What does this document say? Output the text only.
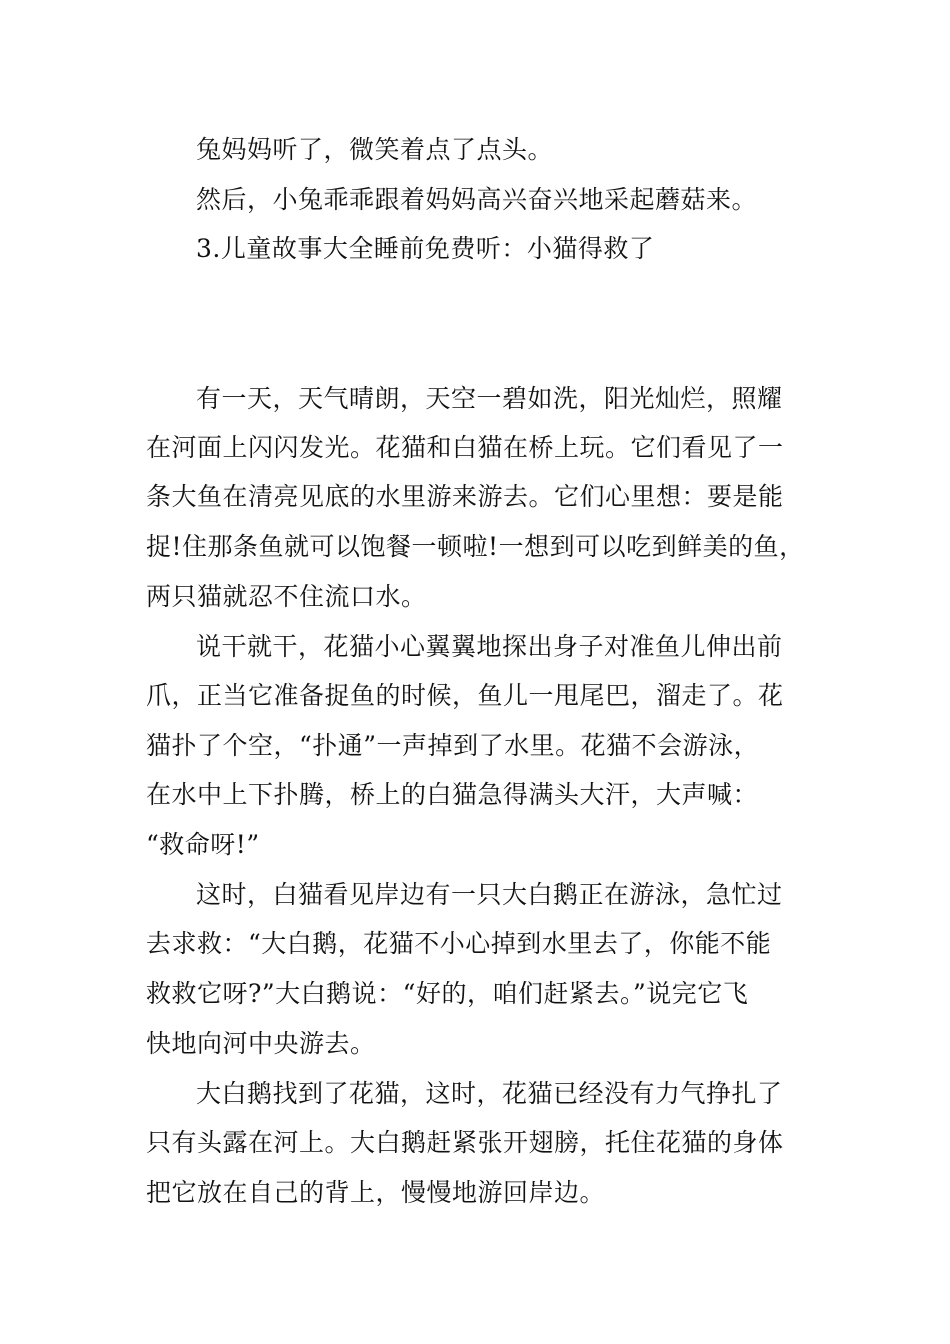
兔妈妈听了，微笑着点了点头。
然后，小兔乖乖跟着妈妈高兴奋兴地采起蘑菇来。
3.儿童故事大全睡前免费听：小猫得救了
有一天，天气晴朗，天空一碧如洗，阳光灿烂，照耀
在河面上闪闪发光。花猫和白猫在桥上玩。它们看见了一
条大鱼在清亮见底的水里游来游去。它们心里想：要是能
捉!住那条鱼就可以饱餐一顿啦!一想到可以吃到鲜美的鱼，
两只猫就忍不住流口水。
说干就干，花猫小心翼翼地探出身子对准鱼儿伸出前
爪，正当它准备捉鱼的时候，鱼儿一甩尾巴，溜走了。花
猫扑了个空，“扑通”一声掉到了水里。花猫不会游泳，
在水中上下扑腾，桥上的白猫急得满头大汗，大声喊：
“救命呀!”
这时，白猫看见岸边有一只大白鹅正在游泳，急忙过
去求救：“大白鹅，花猫不小心掉到水里去了，你能不能
救救它呀?”大白鹅说：“好的，咱们赶紧去。”说完它飞
快地向河中央游去。
大白鹅找到了花猫，这时，花猫已经没有力气挣扎了
只有头露在河上。大白鹅赶紧张开翅膀，托住花猫的身体
把它放在自己的背上，慢慢地游回岸边。
